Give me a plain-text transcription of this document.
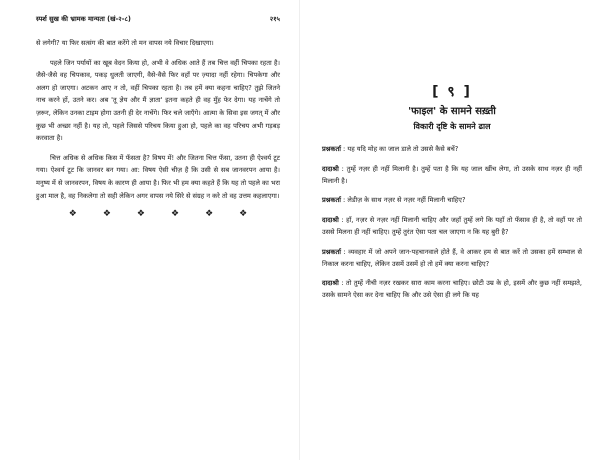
स्पर्श सुख की भ्रामक मान्यता (खं-२-८)	२१५

से लगेगी? या फिर सत्संग की बात करेंगे तो मन वापस नये विचार दिखाएगा।

पहले जिन पर्यायों का खूब वेदन किया हो, अभी वे अधिक आते हैं तब चित्त वहीं चिपका रहता है। जैसे-जैसे वह चिपकाव, पकड़ धुलती जाएगी, वैसे-वैसे फिर वहाँ पर ज़्यादा नहीं रहेगा। चिपकेगा और अलग हो जाएगा। अटकन आए न तो, वहीं चिपका रहता है। तब हमें क्या कहना चाहिए? तुझे जितने नाच करने हों, उतने कर। अब 'तू ज्ञेय और मैं ज्ञाता' इतना कहते ही वह मुँह फेर देगा। यह नाचेंगे तो ज़रूर, लेकिन उनका टाइम होगा उतनी ही देर नाचेंगे। फिर चले जाएँगे। आत्मा के सिवा इस जगत् में और कुछ भी अच्छा नहीं है। यह तो, पहले जिससे परिचय किया हुआ हो, पहले का वह परिचय अभी गड़बड़ करवाता है।

चित्त अधिक से अधिक किस में फँसता है? विषय में! और जितना चित्त फँसा, उतना ही ऐश्वर्य टूट गया। ऐश्वर्य टूट कि जानवर बन गया। आ: विषय ऐसी चीज़ है कि उसी से सब जानवरपन आया है। मनुष्य में से जानवरपन, विषय के कारण ही आया है। फिर भी हम क्या कहते हैं कि यह तो पहले का भरा हुआ माल है, वह निकलेगा तो सही लेकिन अगर वापस नये सिरे से संग्रह न करे तो वह उत्तम कहलाएगा।

❖	❖	❖	❖	❖	❖
[ ९ ]
'फाइल' के सामने सख़्ती
विकारी दृष्टि के सामने ढाल

प्रश्नकर्ता : यह यदि मोह का जाल डाले तो उससे कैसे बचें?

दादाश्री : तुम्हें नज़र ही नहीं मिलानी है। तुम्हें पता है कि यह जाल खींच लेगा, तो उसके साथ नज़र ही नहीं मिलानी है।

प्रश्नकर्ता : लेडीज़ के साथ नज़र से नज़र नहीं मिलानी चाहिए?

दादाश्री : हाँ, नज़र से नज़र नहीं मिलानी चाहिए और जहाँ तुम्हें लगे कि यहाँ तो फँसाव ही है, तो वहाँ पर तो उससे मिलना ही नहीं चाहिए। तुम्हें तुरंत ऐसा पता चल जाएगा न कि यह बुरी है?

प्रश्नकर्ता : व्यवहार में जो अपने जान-पहचानवाले होते हैं, वे आकर हम से बात करें तो उसका हमें सम्भाल से निकाल करना चाहिए, लेकिन उसमें उसमें हो तो हमें क्या करना चाहिए?

दादाश्री : तो तुम्हें नीची नज़र रखकर सारा काम करना चाहिए। छोटी उम्र के हो, इसमें और कुछ नहीं समझते, उसके सामने ऐसा कर देना चाहिए कि और उसे ऐसा ही लगे कि यह
